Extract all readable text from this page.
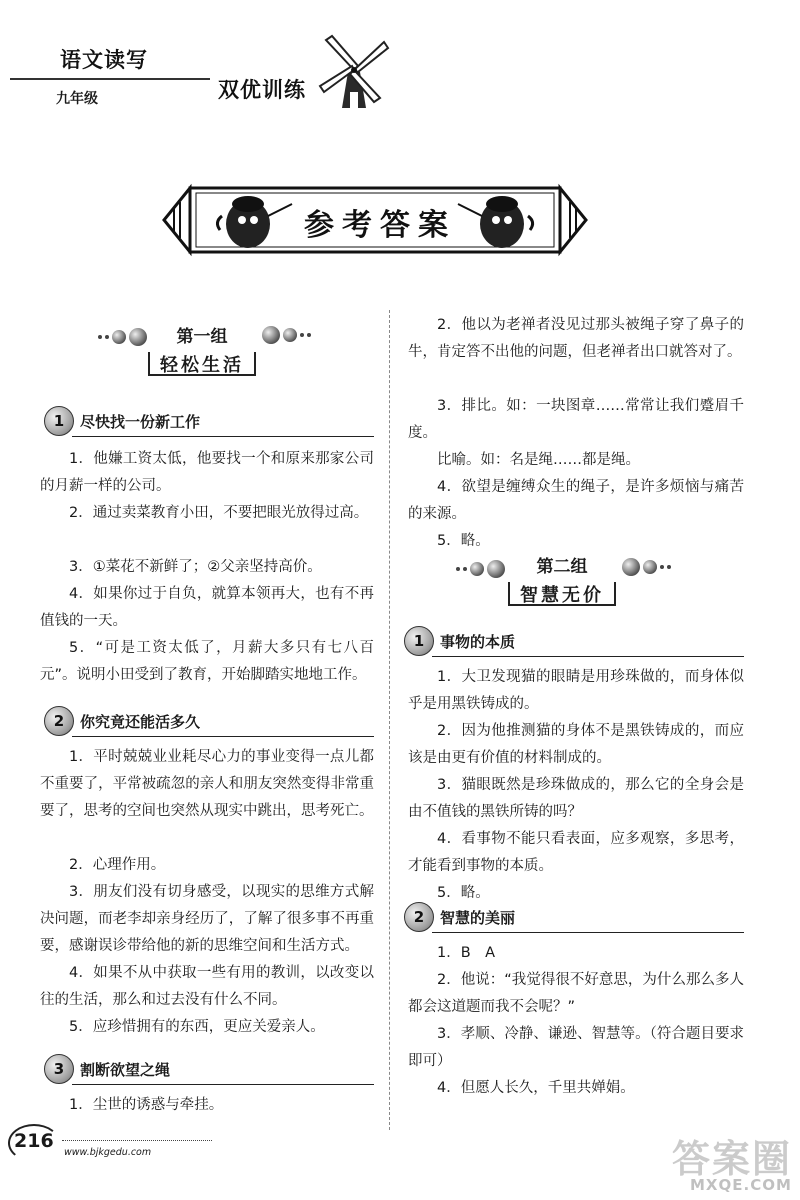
语文读写
双优训练
九年级
参考答案
第一组
轻松生活
1	尽快找一份新工作
1．他嫌工资太低，他要找一个和原来那家公司的月薪一样的公司。
2．通过卖菜教育小田，不要把眼光放得过高。
3．①菜花不新鲜了；②父亲坚持高价。
4．如果你过于自负，就算本领再大，也有不再值钱的一天。
5．“可是工资太低了，月薪大多只有七八百元”。说明小田受到了教育，开始脚踏实地地工作。
2	你究竟还能活多久
1．平时兢兢业业耗尽心力的事业变得一点儿都不重要了，平常被疏忽的亲人和朋友突然变得非常重要了，思考的空间也突然从现实中跳出，思考死亡。
2．心理作用。
3．朋友们没有切身感受，以现实的思维方式解决问题，而老李却亲身经历了，了解了很多事不再重要，感谢误诊带给他的新的思维空间和生活方式。
4．如果不从中获取一些有用的教训，以改变以往的生活，那么和过去没有什么不同。
5．应珍惜拥有的东西，更应关爱亲人。
3	割断欲望之绳
1．尘世的诱惑与牵挂。
2．他以为老禅者没见过那头被绳子穿了鼻子的牛，肯定答不出他的问题，但老禅者出口就答对了。
3．排比。如：一块图章……常常让我们蹙眉千度。
比喻。如：名是绳……都是绳。
4．欲望是缠缚众生的绳子，是许多烦恼与痛苦的来源。
5．略。
第二组
智慧无价
1	事物的本质
1．大卫发现猫的眼睛是用珍珠做的，而身体似乎是用黑铁铸成的。
2．因为他推测猫的身体不是黑铁铸成的，而应该是由更有价值的材料制成的。
3．猫眼既然是珍珠做成的，那么它的全身会是由不值钱的黑铁所铸的吗？
4．看事物不能只看表面，应多观察，多思考，才能看到事物的本质。
5．略。
2	智慧的美丽
1．B　A
2．他说：“我觉得很不好意思，为什么那么多人都会这道题而我不会呢？”
3．孝顺、冷静、谦逊、智慧等。（符合题目要求即可）
4．但愿人长久，千里共婵娟。
216
www.bjkgedu.com	答案圈
MXQE.COM
